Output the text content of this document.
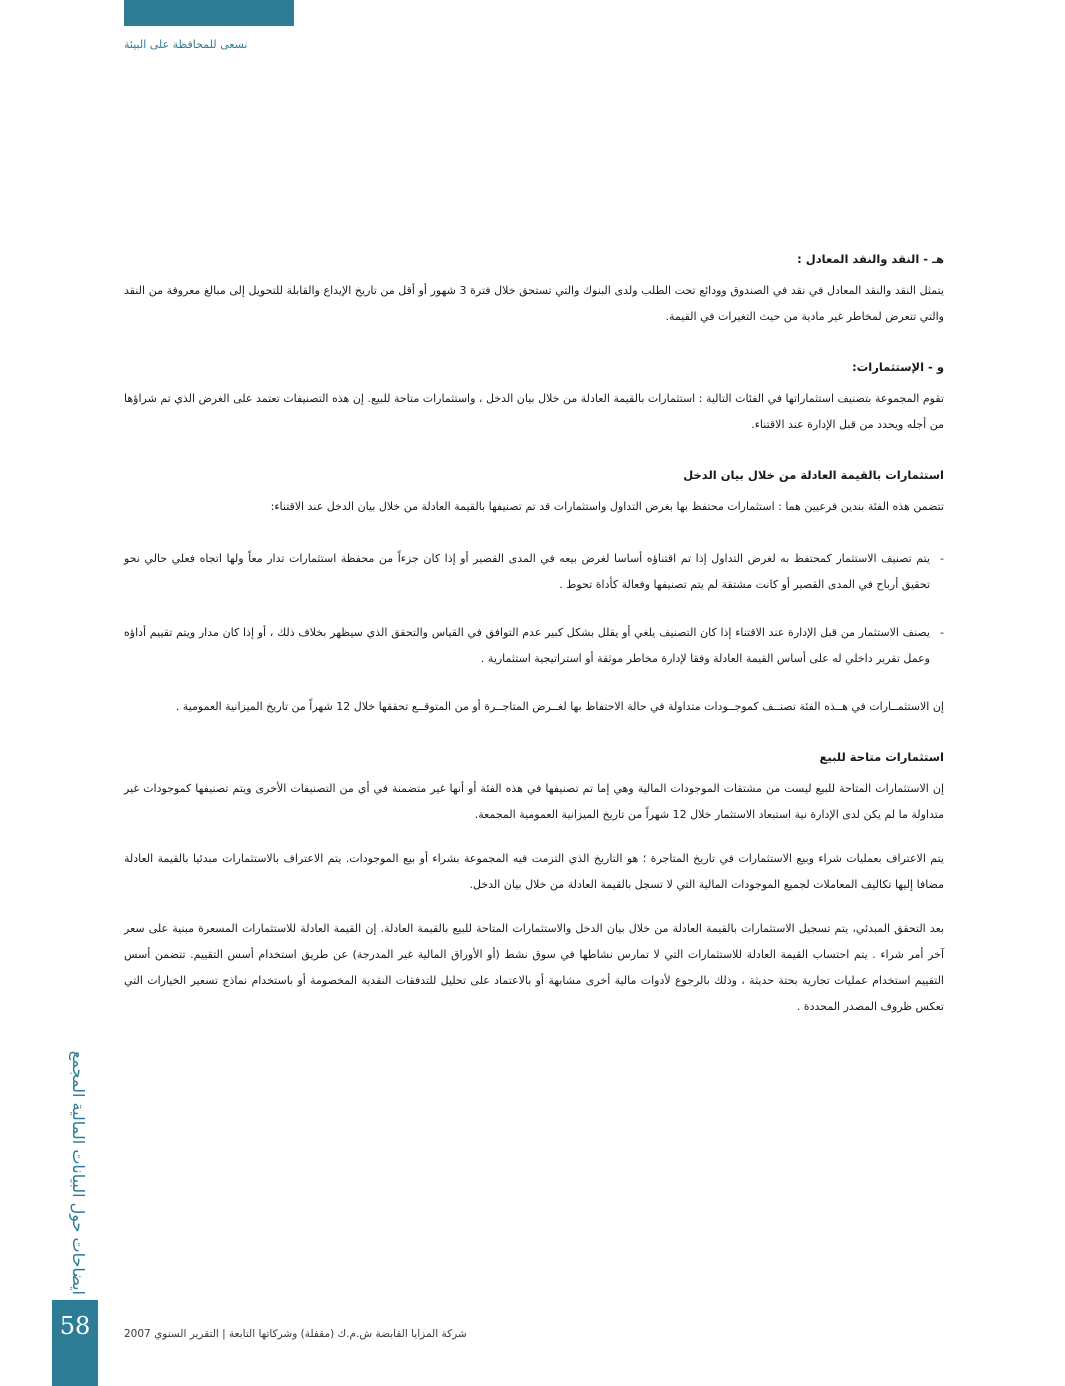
نسعى للمحافظة على البيئة
هـ - النقد والنقد المعادل :
يتمثل النقد والنقد المعادل في نقد في الصندوق وودائع تحت الطلب ولدى البنوك والتي تستحق خلال فترة 3 شهور أو أقل من تاريخ الإيداع والقابلة للتحويل إلى مبالغ معروفة من النقد والتي تتعرض لمخاطر غير مادية من حيث التغيرات في القيمة.
و - الإستثمارات:
تقوم المجموعة بتصنيف استثماراتها في الفئات التالية : استثمارات بالقيمة العادلة من خلال بيان الدخل ، واستثمارات متاحة للبيع. إن هذه التصنيفات تعتمد على الغرض الذي تم شراؤها من أجله ويحدد من قبل الإدارة عند الاقتناء.
استثمارات بالقيمة العادلة من خلال بيان الدخل
تتضمن هذه الفئة بندين فرعيين هما : استثمارات محتفظ بها بغرض التداول واستثمارات قد تم تصنيفها بالقيمة العادلة من خلال بيان الدخل عند الاقتناء:
-
يتم تصنيف الاستثمار كمحتفظ به لغرض التداول إذا تم اقتناؤه أساسا لغرض بيعه في المدى القصير أو إذا كان جزءاً من محفظة استثمارات تدار معاً ولها اتجاه فعلي حالي نحو تحقيق أرباح في المدى القصير أو كانت مشتقة لم يتم تصنيفها وفعالة كأداة تحوط .
-
يصنف الاستثمار من قبل الإدارة عند الاقتناء إذا كان التصنيف يلغي أو يقلل بشكل كبير عدم التوافق في القياس والتحقق الذي سيظهر بخلاف ذلك ، أو إذا كان مدار ويتم تقييم أداؤه وعمل تقرير داخلي له على أساس القيمة العادلة وفقا لإدارة مخاطر موثقة أو استراتيجية استثمارية .
إن الاستثمــارات في هــذه الفئة تصنــف كموجــودات متداولة في حالة الاحتفاظ بها لغــرض المتاجــرة أو من المتوقــع تحققها خلال 12 شهراً من تاريخ الميزانية العمومية .
استثمارات متاحة للبيع
إن الاستثمارات المتاحة للبيع ليست من مشتقات الموجودات المالية وهي إما تم تصنيفها في هذه الفئة أو أنها غير متضمنة في أي من التصنيفات الأخرى ويتم تصنيفها كموجودات غير متداولة ما لم يكن لدى الإدارة نية استبعاد الاستثمار خلال 12 شهراً من تاريخ الميزانية العمومية المجمعة.
يتم الاعتراف بعمليات شراء وبيع الاستثمارات في تاريخ المتاجرة ؛ هو التاريخ الذي التزمت فيه المجموعة بشراء أو بيع الموجودات. يتم الاعتراف بالاستثمارات مبدئيا بالقيمة العادلة مضافا إليها تكاليف المعاملات لجميع الموجودات المالية التي لا تسجل بالقيمة العادلة من خلال بيان الدخل.
بعد التحقق المبدئي، يتم تسجيل الاستثمارات بالقيمة العادلة من خلال بيان الدخل والاستثمارات المتاحة للبيع بالقيمة العادلة. إن القيمة العادلة للاستثمارات المسعرة مبنية على سعر آخر أمر شراء . يتم احتساب القيمة العادلة للاستثمارات التي لا تمارس نشاطها في سوق نشط (أو الأوراق المالية غير المدرجة) عن طريق استخدام أسس التقييم. تتضمن أسس التقييم استخدام عمليات تجارية بحتة حديثة ، وذلك بالرجوع لأدوات مالية أخرى مشابهة أو بالاعتماد على تحليل للتدفقات النقدية المخصومة أو باستخدام نماذج تسعير الخيارات التي تعكس ظروف المصدر المحددة .
ايضاحات حول البيانات المالية المجمع
58	شركة المزايا القابضة ش.م.ك (مقفلة) وشركاتها التابعة | التقرير السنوي 2007
